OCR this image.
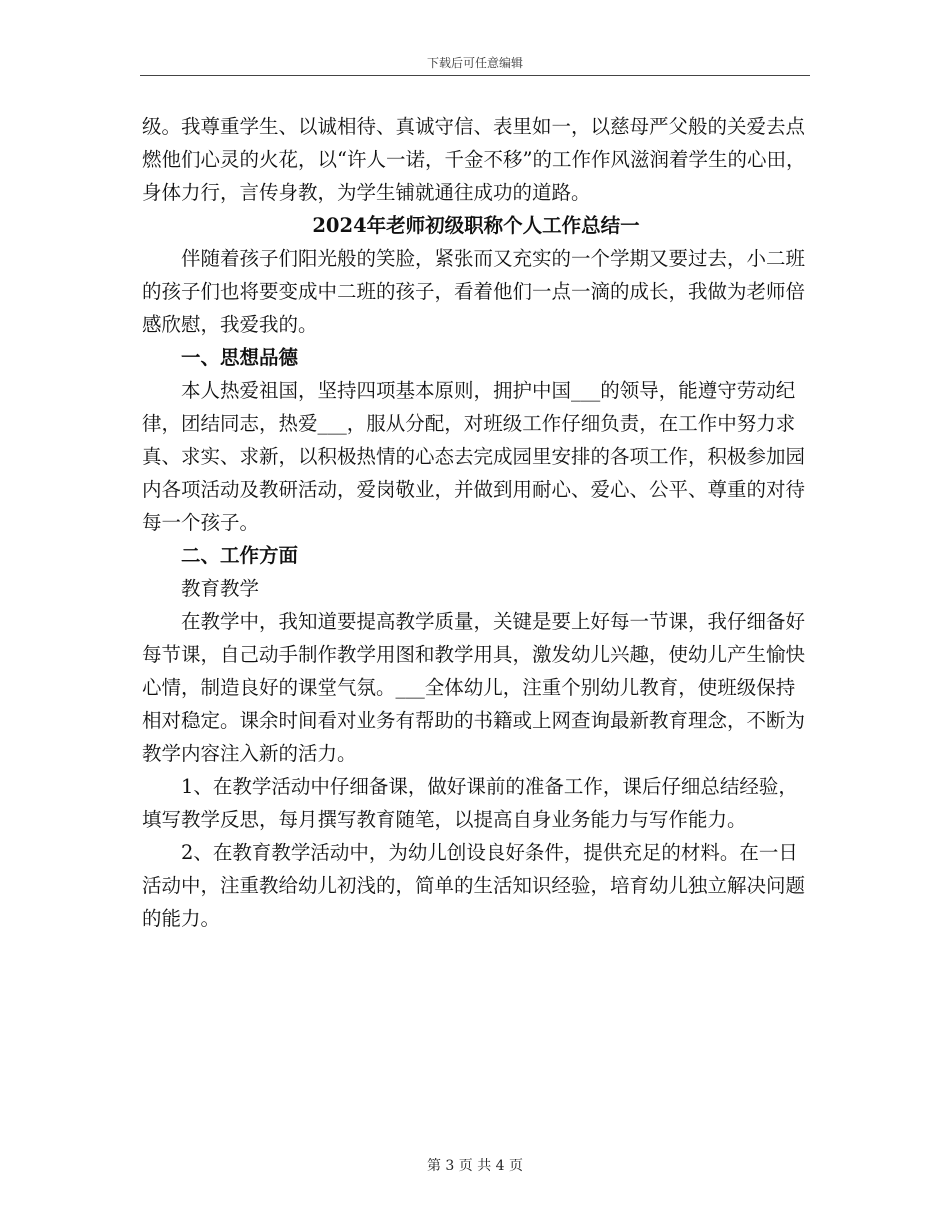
下载后可任意编辑

级。我尊重学生、以诚相待、真诚守信、表里如一，以慈母严父般的关爱去点燃他们心灵的火花，以“许人一诺，千金不移”的工作作风滋润着学生的心田，身体力行，言传身教，为学生铺就通往成功的道路。

2024年老师初级职称个人工作总结一

伴随着孩子们阳光般的笑脸，紧张而又充实的一个学期又要过去，小二班的孩子们也将要变成中二班的孩子，看着他们一点一滴的成长，我做为老师倍感欣慰，我爱我的。

一、思想品德

本人热爱祖国，坚持四项基本原则，拥护中国___的领导，能遵守劳动纪律，团结同志，热爱___，服从分配，对班级工作仔细负责，在工作中努力求真、求实、求新，以积极热情的心态去完成园里安排的各项工作，积极参加园内各项活动及教研活动，爱岗敬业，并做到用耐心、爱心、公平、尊重的对待每一个孩子。

二、工作方面

教育教学

在教学中，我知道要提高教学质量，关键是要上好每一节课，我仔细备好每节课，自己动手制作教学用图和教学用具，激发幼儿兴趣，使幼儿产生愉快心情，制造良好的课堂气氛。___全体幼儿，注重个别幼儿教育，使班级保持相对稳定。课余时间看对业务有帮助的书籍或上网查询最新教育理念，不断为教学内容注入新的活力。

1、在教学活动中仔细备课，做好课前的准备工作，课后仔细总结经验，填写教学反思，每月撰写教育随笔，以提高自身业务能力与写作能力。

2、在教育教学活动中，为幼儿创设良好条件，提供充足的材料。在一日活动中，注重教给幼儿初浅的，简单的生活知识经验，培育幼儿独立解决问题的能力。

第 3 页 共 4 页
